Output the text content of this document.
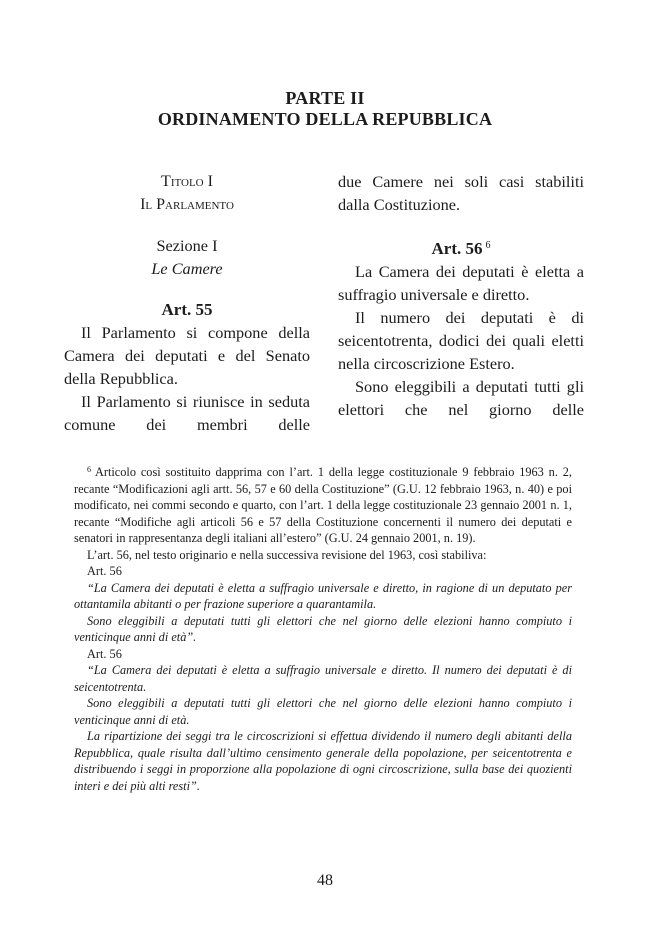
PARTE II
ORDINAMENTO DELLA REPUBBLICA
Titolo I
Il Parlamento
Sezione I
Le Camere
Art. 55

Il Parlamento si compone della Camera dei deputati e del Senato della Repubblica.

Il Parlamento si riunisce in seduta comune dei membri delle

due Camere nei soli casi stabiliti dalla Costituzione.

Art. 56 $^6$

La Camera dei deputati è eletta a suffragio universale e diretto.

Il numero dei deputati è di seicentotrenta, dodici dei quali eletti nella circoscrizione Estero.

Sono eleggibili a deputati tutti gli elettori che nel giorno delle

$^6$ Articolo così sostituito dapprima con l’art. 1 della legge costituzionale 9 febbraio 1963 n. 2, recante “Modificazioni agli artt. 56, 57 e 60 della Costituzione” (G.U. 12 febbraio 1963, n. 40) e poi modificato, nei commi secondo e quarto, con l’art. 1 della legge costituzionale 23 gennaio 2001 n. 1, recante “Modifiche agli articoli 56 e 57 della Costituzione concernenti il numero dei deputati e senatori in rappresentanza degli italiani all’estero” (G.U. 24 gennaio 2001, n. 19).

L’art. 56, nel testo originario e nella successiva revisione del 1963, così stabiliva:

Art. 56

“La Camera dei deputati è eletta a suffragio universale e diretto, in ragione di un deputato per ottantamila abitanti o per frazione superiore a quarantamila.

Sono eleggibili a deputati tutti gli elettori che nel giorno delle elezioni hanno compiuto i venticinque anni di età”.

Art. 56

“La Camera dei deputati è eletta a suffragio universale e diretto. Il numero dei deputati è di seicentotrenta.

Sono eleggibili a deputati tutti gli elettori che nel giorno delle elezioni hanno compiuto i venticinque anni di età.

La ripartizione dei seggi tra le circoscrizioni si effettua dividendo il numero degli abitanti della Repubblica, quale risulta dall’ultimo censimento generale della popolazione, per seicentotrenta e distribuendo i seggi in proporzione alla popolazione di ogni circoscrizione, sulla base dei quozienti interi e dei più alti resti”.

48
